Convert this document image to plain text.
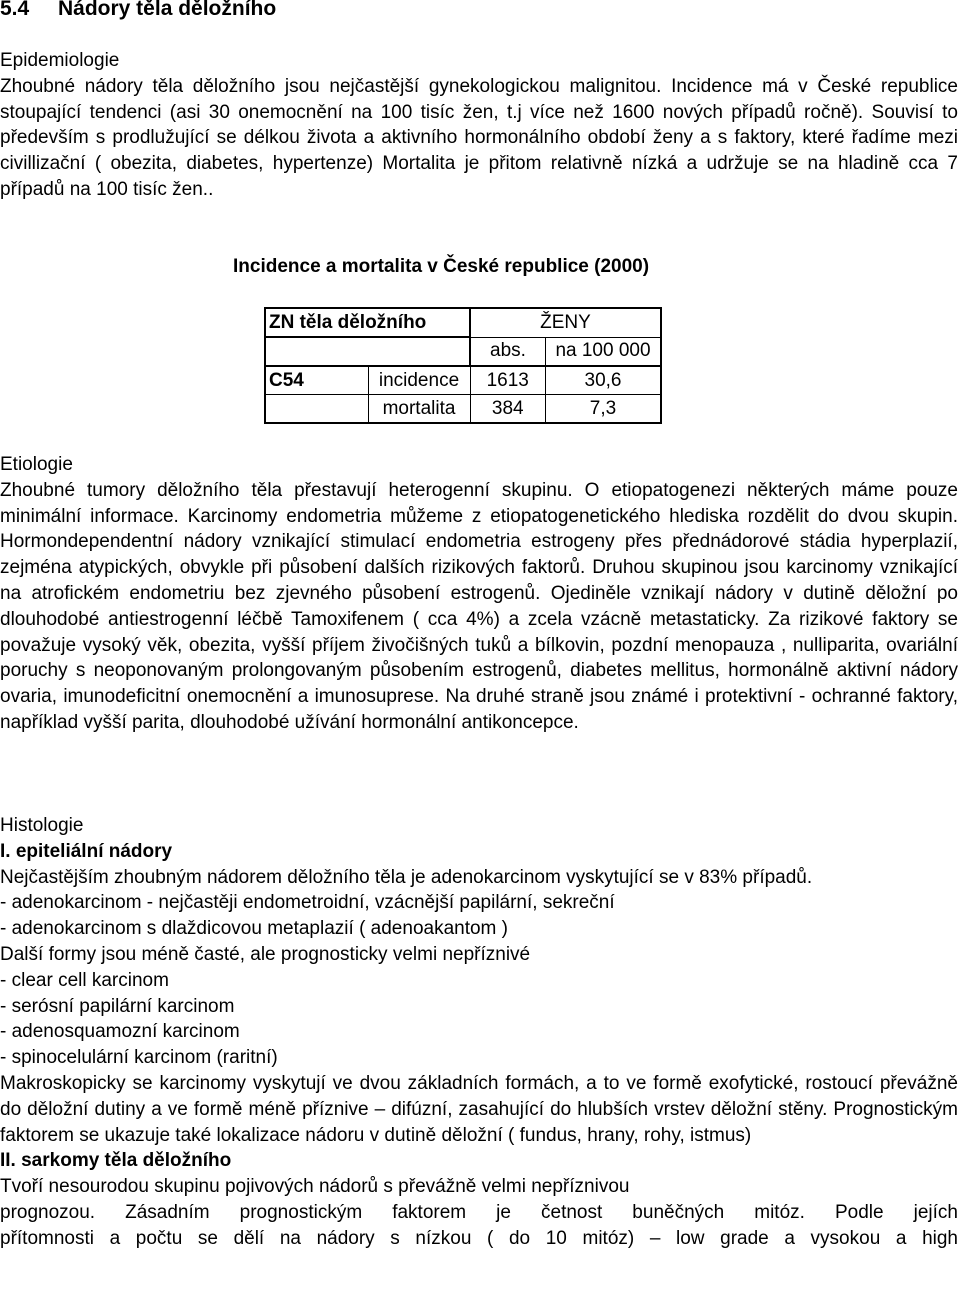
5.4 Nádory těla děložního

Epidemiologie

Zhoubné nádory těla děložního jsou nejčastější gynekologickou malignitou. Incidence má v České republice stoupající tendenci (asi 30 onemocnění na 100 tisíc žen, t.j více než 1600 nových případů ročně). Souvisí to především s prodlužující se délkou života a aktivního hormonálního období ženy a s faktory, které řadíme mezi civillizační ( obezita, diabetes, hypertenze) Mortalita je přitom relativně nízká a udržuje se na hladině cca 7 případů na 100 tisíc žen..

Incidence a mortalita v České republice (2000)
ZN těla děložního		ŽENY	
		abs.	na 100 000
C54	incidence	1613	30,6
	mortalita	384	7,3

Etiologie

Zhoubné tumory děložního těla přestavují heterogenní skupinu. O etiopatogenezi některých máme pouze minimální informace. Karcinomy endometria můžeme z etiopatogenetického hlediska rozdělit do dvou skupin. Hormondependentní nádory vznikající stimulací endometria estrogeny přes přednádorové stádia hyperplazií, zejména atypických, obvykle při působení dalších rizikových faktorů. Druhou skupinou jsou karcinomy vznikající na atrofickém endometriu bez zjevného působení estrogenů. Ojediněle vznikají nádory v dutině děložní po dlouhodobé antiestrogenní léčbě Tamoxifenem ( cca 4%) a zcela vzácně metastaticky. Za rizikové faktory se považuje vysoký věk, obezita, vyšší příjem živočišných tuků a bílkovin, pozdní menopauza , nulliparita, ovariální poruchy s neoponovaným prolongovaným působením estrogenů, diabetes mellitus, hormonálně aktivní nádory ovaria, imunodeficitní onemocnění a imunosuprese. Na druhé straně jsou známé i protektivní - ochranné faktory, například vyšší parita, dlouhodobé užívání hormonální antikoncepce.

Histologie

I. epiteliální nádory

Nejčastějším zhoubným nádorem děložního těla je adenokarcinom vyskytující se v 83% případů.

- adenokarcinom - nejčastěji endometroidní, vzácnější papilární, sekreční

- adenokarcinom s dlaždicovou metaplazií ( adenoakantom )

Další formy jsou méně časté, ale prognosticky velmi nepříznivé

- clear cell karcinom

- serósní papilární karcinom

- adenosquamozní karcinom

- spinocelulární karcinom (raritní)

Makroskopicky se karcinomy vyskytují ve dvou základních formách, a to ve formě exofytické, rostoucí převážně do děložní dutiny a ve formě méně příznive – difúzní, zasahující do hlubších vrstev děložní stěny. Prognostickým faktorem se ukazuje také lokalizace nádoru v dutině děložní ( fundus, hrany, rohy, istmus)

II. sarkomy těla děložního

Tvoří nesourodou skupinu pojivových nádorů s převážně velmi nepříznivou

prognozou. Zásadním prognostickým faktorem je četnost buněčných mitóz. Podle jejích

přítomnosti a počtu se dělí na nádory s nízkou ( do 10 mitóz) – low grade a vysokou a high
